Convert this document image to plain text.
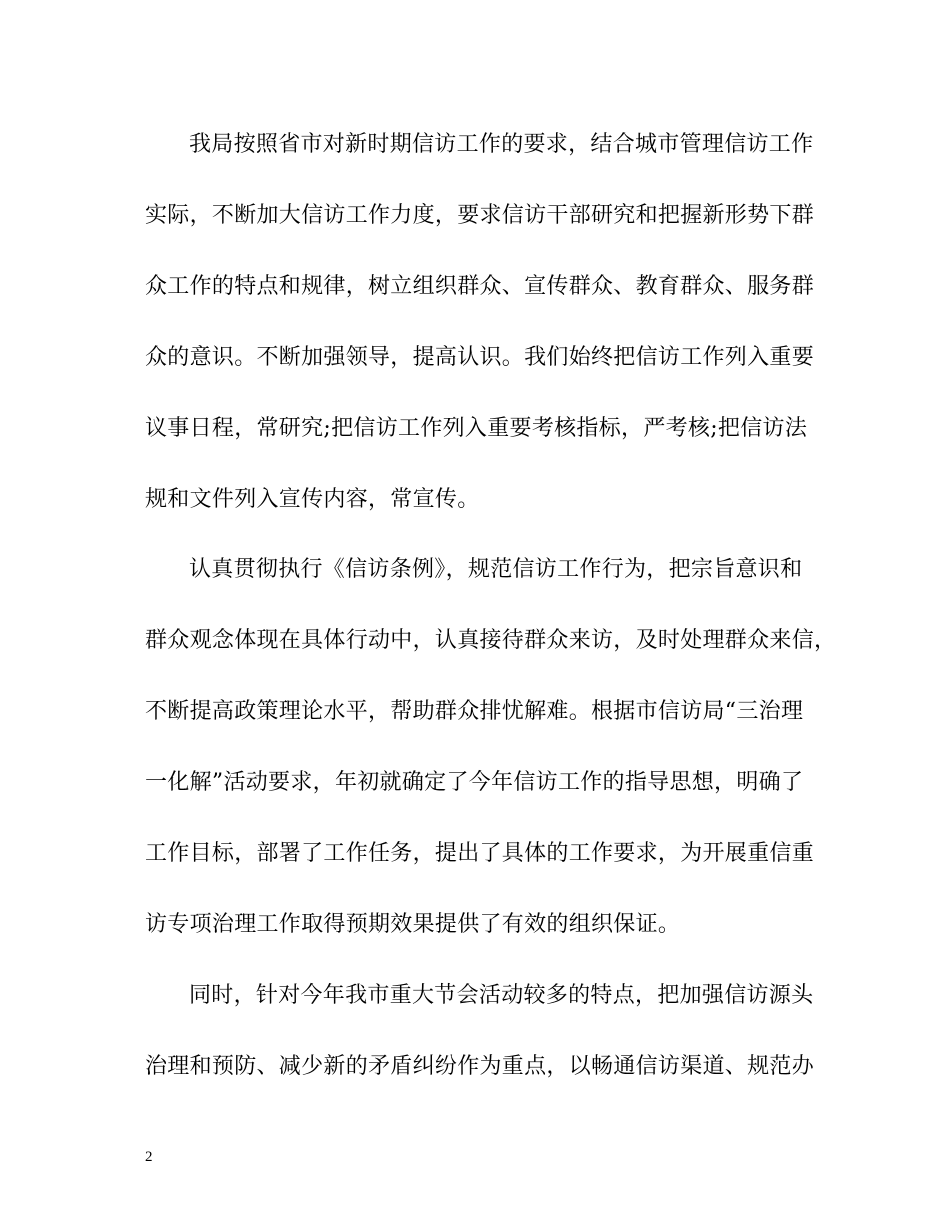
我局按照省市对新时期信访工作的要求，结合城市管理信访工作
实际，不断加大信访工作力度，要求信访干部研究和把握新形势下群
众工作的特点和规律，树立组织群众、宣传群众、教育群众、服务群
众的意识。不断加强领导，提高认识。我们始终把信访工作列入重要
议事日程，常研究;把信访工作列入重要考核指标，严考核;把信访法
规和文件列入宣传内容，常宣传。
认真贯彻执行《信访条例》，规范信访工作行为，把宗旨意识和
群众观念体现在具体行动中，认真接待群众来访，及时处理群众来信，
不断提高政策理论水平，帮助群众排忧解难。根据市信访局“三治理
一化解”活动要求，年初就确定了今年信访工作的指导思想，明确了
工作目标，部署了工作任务，提出了具体的工作要求，为开展重信重
访专项治理工作取得预期效果提供了有效的组织保证。
同时，针对今年我市重大节会活动较多的特点，把加强信访源头
治理和预防、减少新的矛盾纠纷作为重点，以畅通信访渠道、规范办
2
